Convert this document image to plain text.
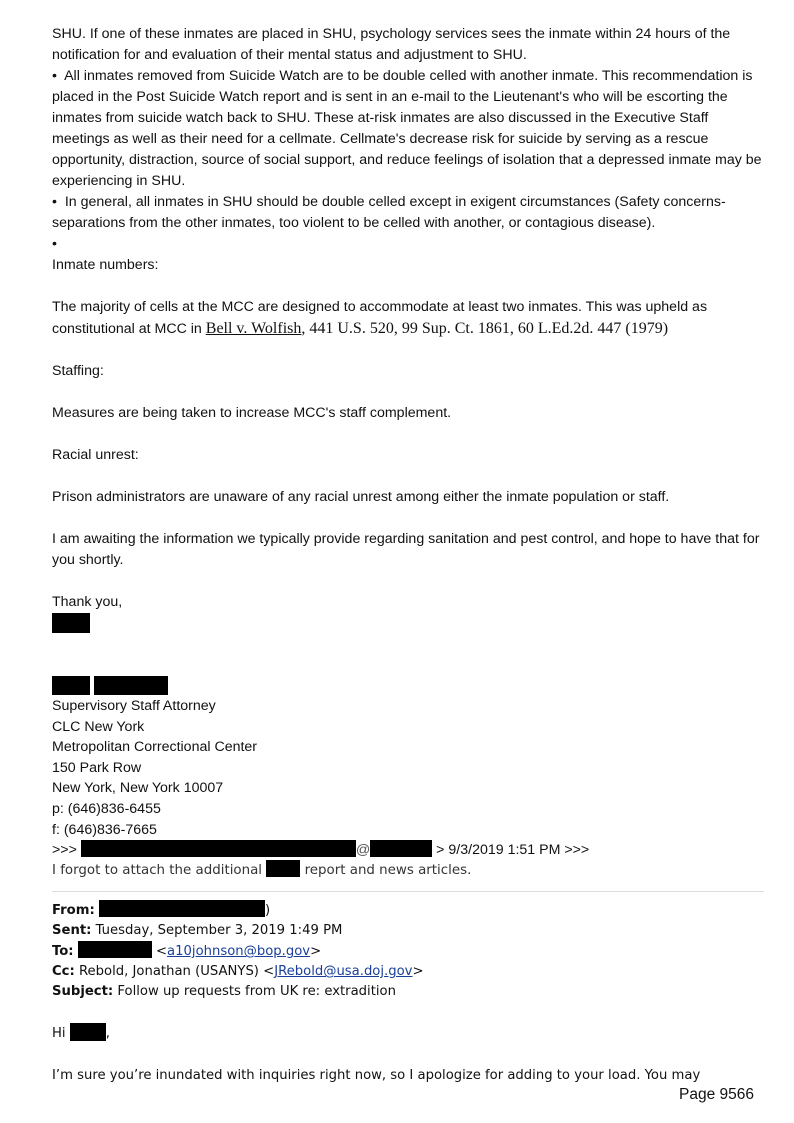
SHU. If one of these inmates are placed in SHU, psychology services sees the inmate within 24 hours of the notification for and evaluation of their mental status and adjustment to SHU.

• All inmates removed from Suicide Watch are to be double celled with another inmate. This recommendation is placed in the Post Suicide Watch report and is sent in an e-mail to the Lieutenant's who will be escorting the inmates from suicide watch back to SHU. These at-risk inmates are also discussed in the Executive Staff meetings as well as their need for a cellmate. Cellmate's decrease risk for suicide by serving as a rescue opportunity, distraction, source of social support, and reduce feelings of isolation that a depressed inmate may be experiencing in SHU.

• In general, all inmates in SHU should be double celled except in exigent circumstances (Safety concerns- separations from the other inmates, too violent to be celled with another, or contagious disease).

•

Inmate numbers:

The majority of cells at the MCC are designed to accommodate at least two inmates. This was upheld as constitutional at MCC in Bell v. Wolfish, 441 U.S. 520, 99 Sup. Ct. 1861, 60 L.Ed.2d. 447 (1979)

Staffing:

Measures are being taken to increase MCC's staff complement.

Racial unrest:

Prison administrators are unaware of any racial unrest among either the inmate population or staff.

I am awaiting the information we typically provide regarding sanitation and pest control, and hope to have that for you shortly.

Thank you,

Supervisory Staff Attorney

CLC New York

Metropolitan Correctional Center

150 Park Row

New York, New York 10007

p: (646)836-6455

f: (646)836-7665

>>>	@	> 9/3/2019 1:51 PM >>>

I forgot to attach the additional	report and news articles.

From:	)

Sent: Tuesday, September 3, 2019 1:49 PM

To:	<a10johnson@bop.gov>

Cc: Rebold, Jonathan (USANYS) <JRebold@usa.doj.gov>

Subject: Follow up requests from UK re: extradition

Hi	,

I’m sure you’re inundated with inquiries right now, so I apologize for adding to your load. You may

Page 9566
